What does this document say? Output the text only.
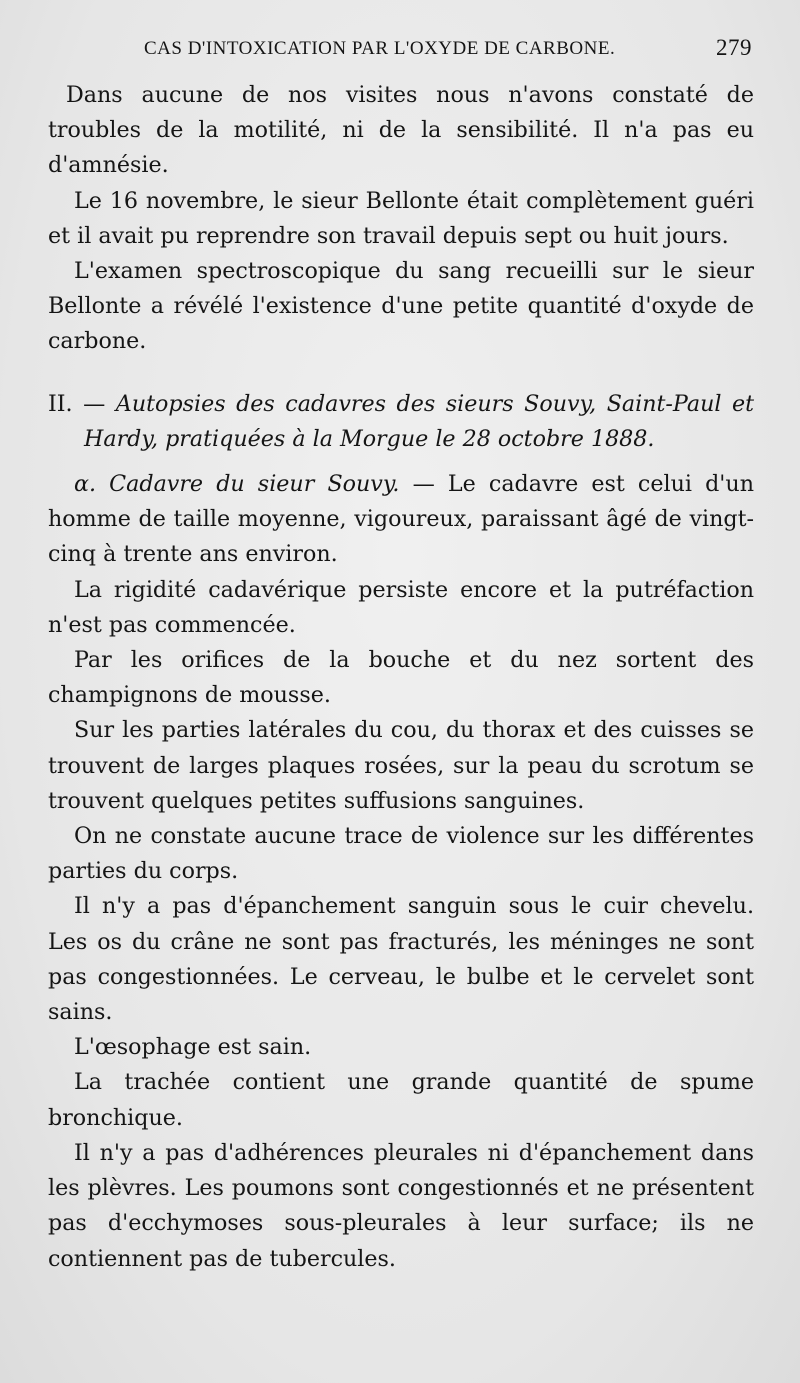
CAS D'INTOXICATION PAR L'OXYDE DE CARBONE.	279

Dans aucune de nos visites nous n'avons constaté de troubles de la motilité, ni de la sensibilité. Il n'a pas eu d'amnésie.

Le 16 novembre, le sieur Bellonte était complètement guéri et il avait pu reprendre son travail depuis sept ou huit jours.

L'examen spectroscopique du sang recueilli sur le sieur Bellonte a révélé l'existence d'une petite quantité d'oxyde de carbone.

II. — Autopsies des cadavres des sieurs Souvy, Saint-Paul et Hardy, pratiquées à la Morgue le 28 octobre 1888.

α. Cadavre du sieur Souvy. — Le cadavre est celui d'un homme de taille moyenne, vigoureux, paraissant âgé de vingt-cinq à trente ans environ.

La rigidité cadavérique persiste encore et la putréfaction n'est pas commencée.

Par les orifices de la bouche et du nez sortent des champignons de mousse.

Sur les parties latérales du cou, du thorax et des cuisses se trouvent de larges plaques rosées, sur la peau du scrotum se trouvent quelques petites suffusions sanguines.

On ne constate aucune trace de violence sur les différentes parties du corps.

Il n'y a pas d'épanchement sanguin sous le cuir chevelu. Les os du crâne ne sont pas fracturés, les méninges ne sont pas congestionnées. Le cerveau, le bulbe et le cervelet sont sains.

L'œsophage est sain.

La trachée contient une grande quantité de spume bronchique.

Il n'y a pas d'adhérences pleurales ni d'épanchement dans les plèvres. Les poumons sont congestionnés et ne présentent pas d'ecchymoses sous-pleurales à leur surface; ils ne contiennent pas de tubercules.
